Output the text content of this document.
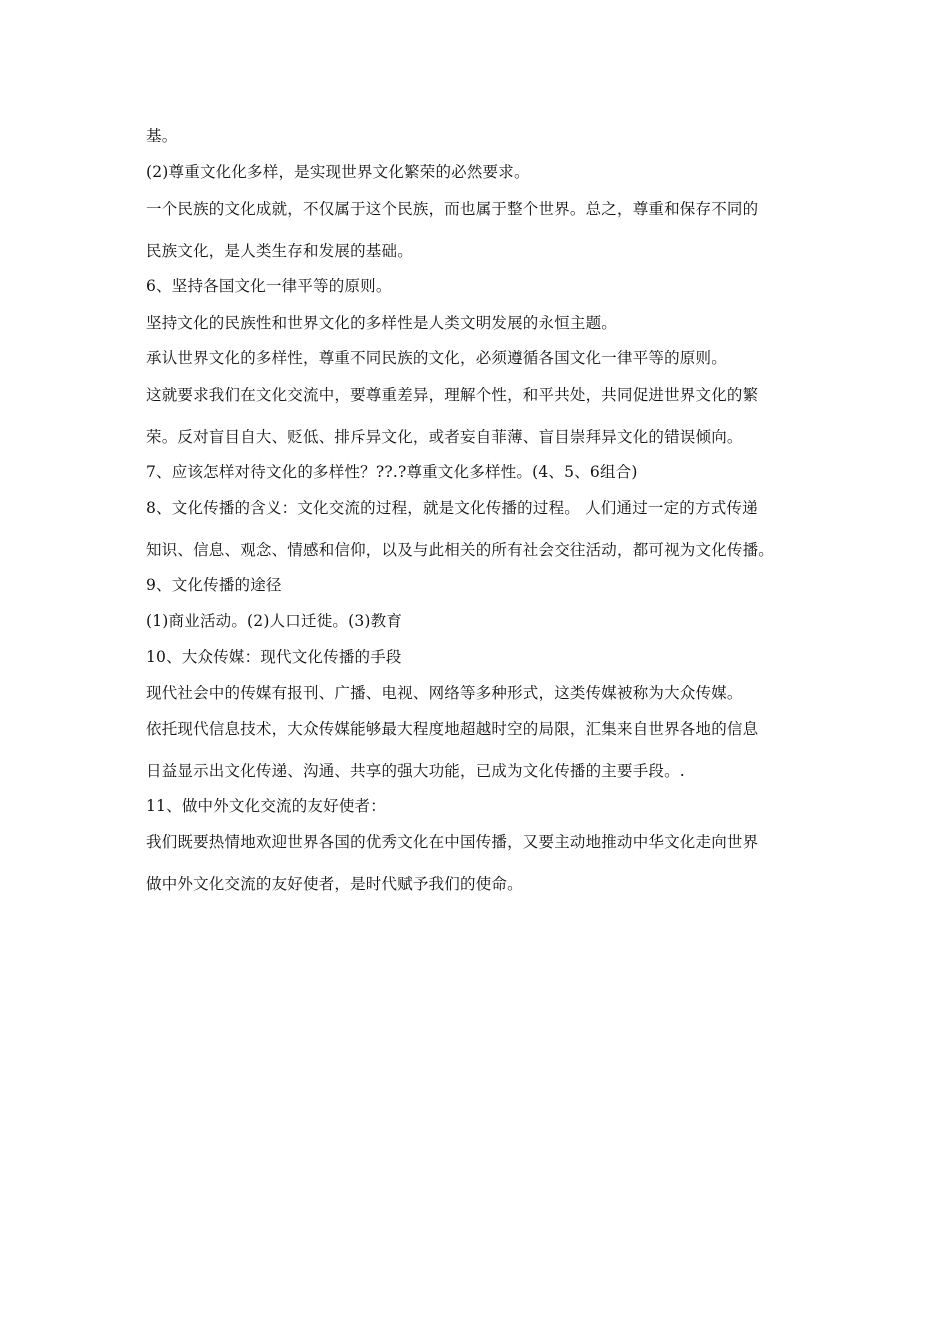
基。
(2)尊重文化化多样，是实现世界文化繁荣的必然要求。
一个民族的文化成就，不仅属于这个民族，而也属于整个世界。总之，尊重和保存不同的
民族文化，是人类生存和发展的基础。
6、坚持各国文化一律平等的原则。
坚持文化的民族性和世界文化的多样性是人类文明发展的永恒主题。
承认世界文化的多样性，尊重不同民族的文化，必须遵循各国文化一律平等的原则。
这就要求我们在文化交流中，要尊重差异，理解个性，和平共处，共同促进世界文化的繁
荣。反对盲目自大、贬低、排斥异文化，或者妄自菲薄、盲目崇拜异文化的错误倾向。
7、应该怎样对待文化的多样性？??.?尊重文化多样性。(4、5、6组合)
8、文化传播的含义：文化交流的过程，就是文化传播的过程。 人们通过一定的方式传递
知识、信息、观念、情感和信仰，以及与此相关的所有社会交往活动，都可视为文化传播。
9、文化传播的途径
(1)商业活动。(2)人口迁徙。(3)教育
10、大众传媒：现代文化传播的手段
现代社会中的传媒有报刊、广播、电视、网络等多种形式，这类传媒被称为大众传媒。
依托现代信息技术，大众传媒能够最大程度地超越时空的局限，汇集来自世界各地的信息
日益显示出文化传递、沟通、共享的强大功能，已成为文化传播的主要手段。.
11、做中外文化交流的友好使者：
我们既要热情地欢迎世界各国的优秀文化在中国传播，又要主动地推动中华文化走向世界
做中外文化交流的友好使者，是时代赋予我们的使命。
